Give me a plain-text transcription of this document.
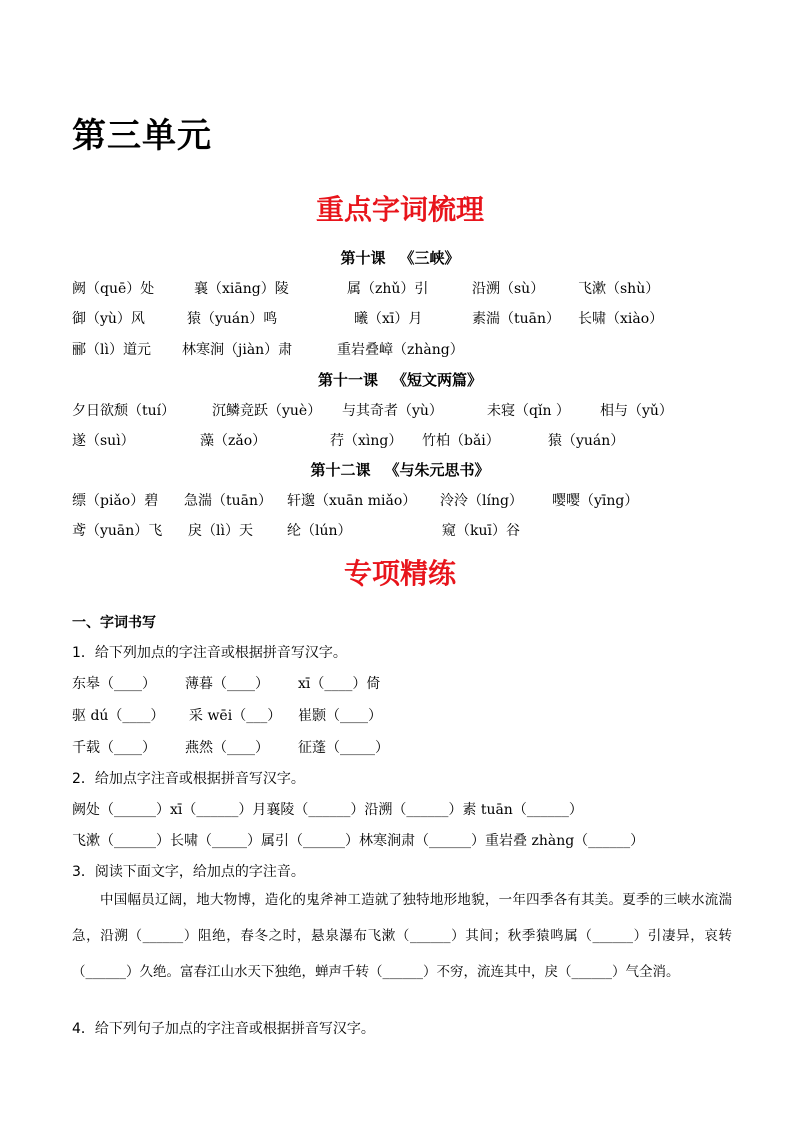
第三单元
重点字词梳理
第十课 《三峡》
阙（quē）处	襄（xiāng）陵	属（zhǔ）引	沿溯（sù） 飞漱（shù）
御（yù）风	猿（yuán）鸣	曦（xī）月	素湍（tuān） 长啸（xiào）
郦（lì）道元 林寒涧（jiàn）肃	重岩叠嶂（zhàng）
第十一课 《短文两篇》
夕日欲颓（tuí）	沉鳞竞跃（yuè） 与其奇者（yù）	未寝（qǐn ） 相与（yǔ）
遂（suì）	藻（zǎo）	荇（xìng） 竹柏（bǎi）	猿（yuán）
第十二课 《与朱元思书》
缥（piǎo）碧 急湍（tuān） 轩邈（xuān miǎo） 泠泠（líng） 嘤嘤（yīng）
鸢（yuān）飞 戾（lì）天 纶（lún）	窥（kuī）谷
专项精练
一、字词书写
1．给下列加点的字注音或根据拼音写汉字。
东皋（____） 薄暮（____） xī（____）倚
驱 dú（____） 采 wēi（___） 崔颢（____）
千载（____） 燕然（____） 征蓬（_____）
2．给加点字注音或根据拼音写汉字。
阙处（______）xī（______）月襄陵（______）沿溯（______）素 tuān（______）
飞漱（______）长啸（_____）属引（______）林寒涧肃（______）重岩叠 zhàng（______）
3．阅读下面文字，给加点的字注音。

中国幅员辽阔，地大物博，造化的鬼斧神工造就了独特地形地貌，一年四季各有其美。夏季的三峡水流湍急，沿溯（______）阻绝，春冬之时，悬泉瀑布飞漱（______）其间；秋季猿鸣属（______）引凄异，哀转（______）久绝。富春江山水天下独绝，蝉声千转（______）不穷，流连其中，戾（______）气全消。

4．给下列句子加点的字注音或根据拼音写汉字。
